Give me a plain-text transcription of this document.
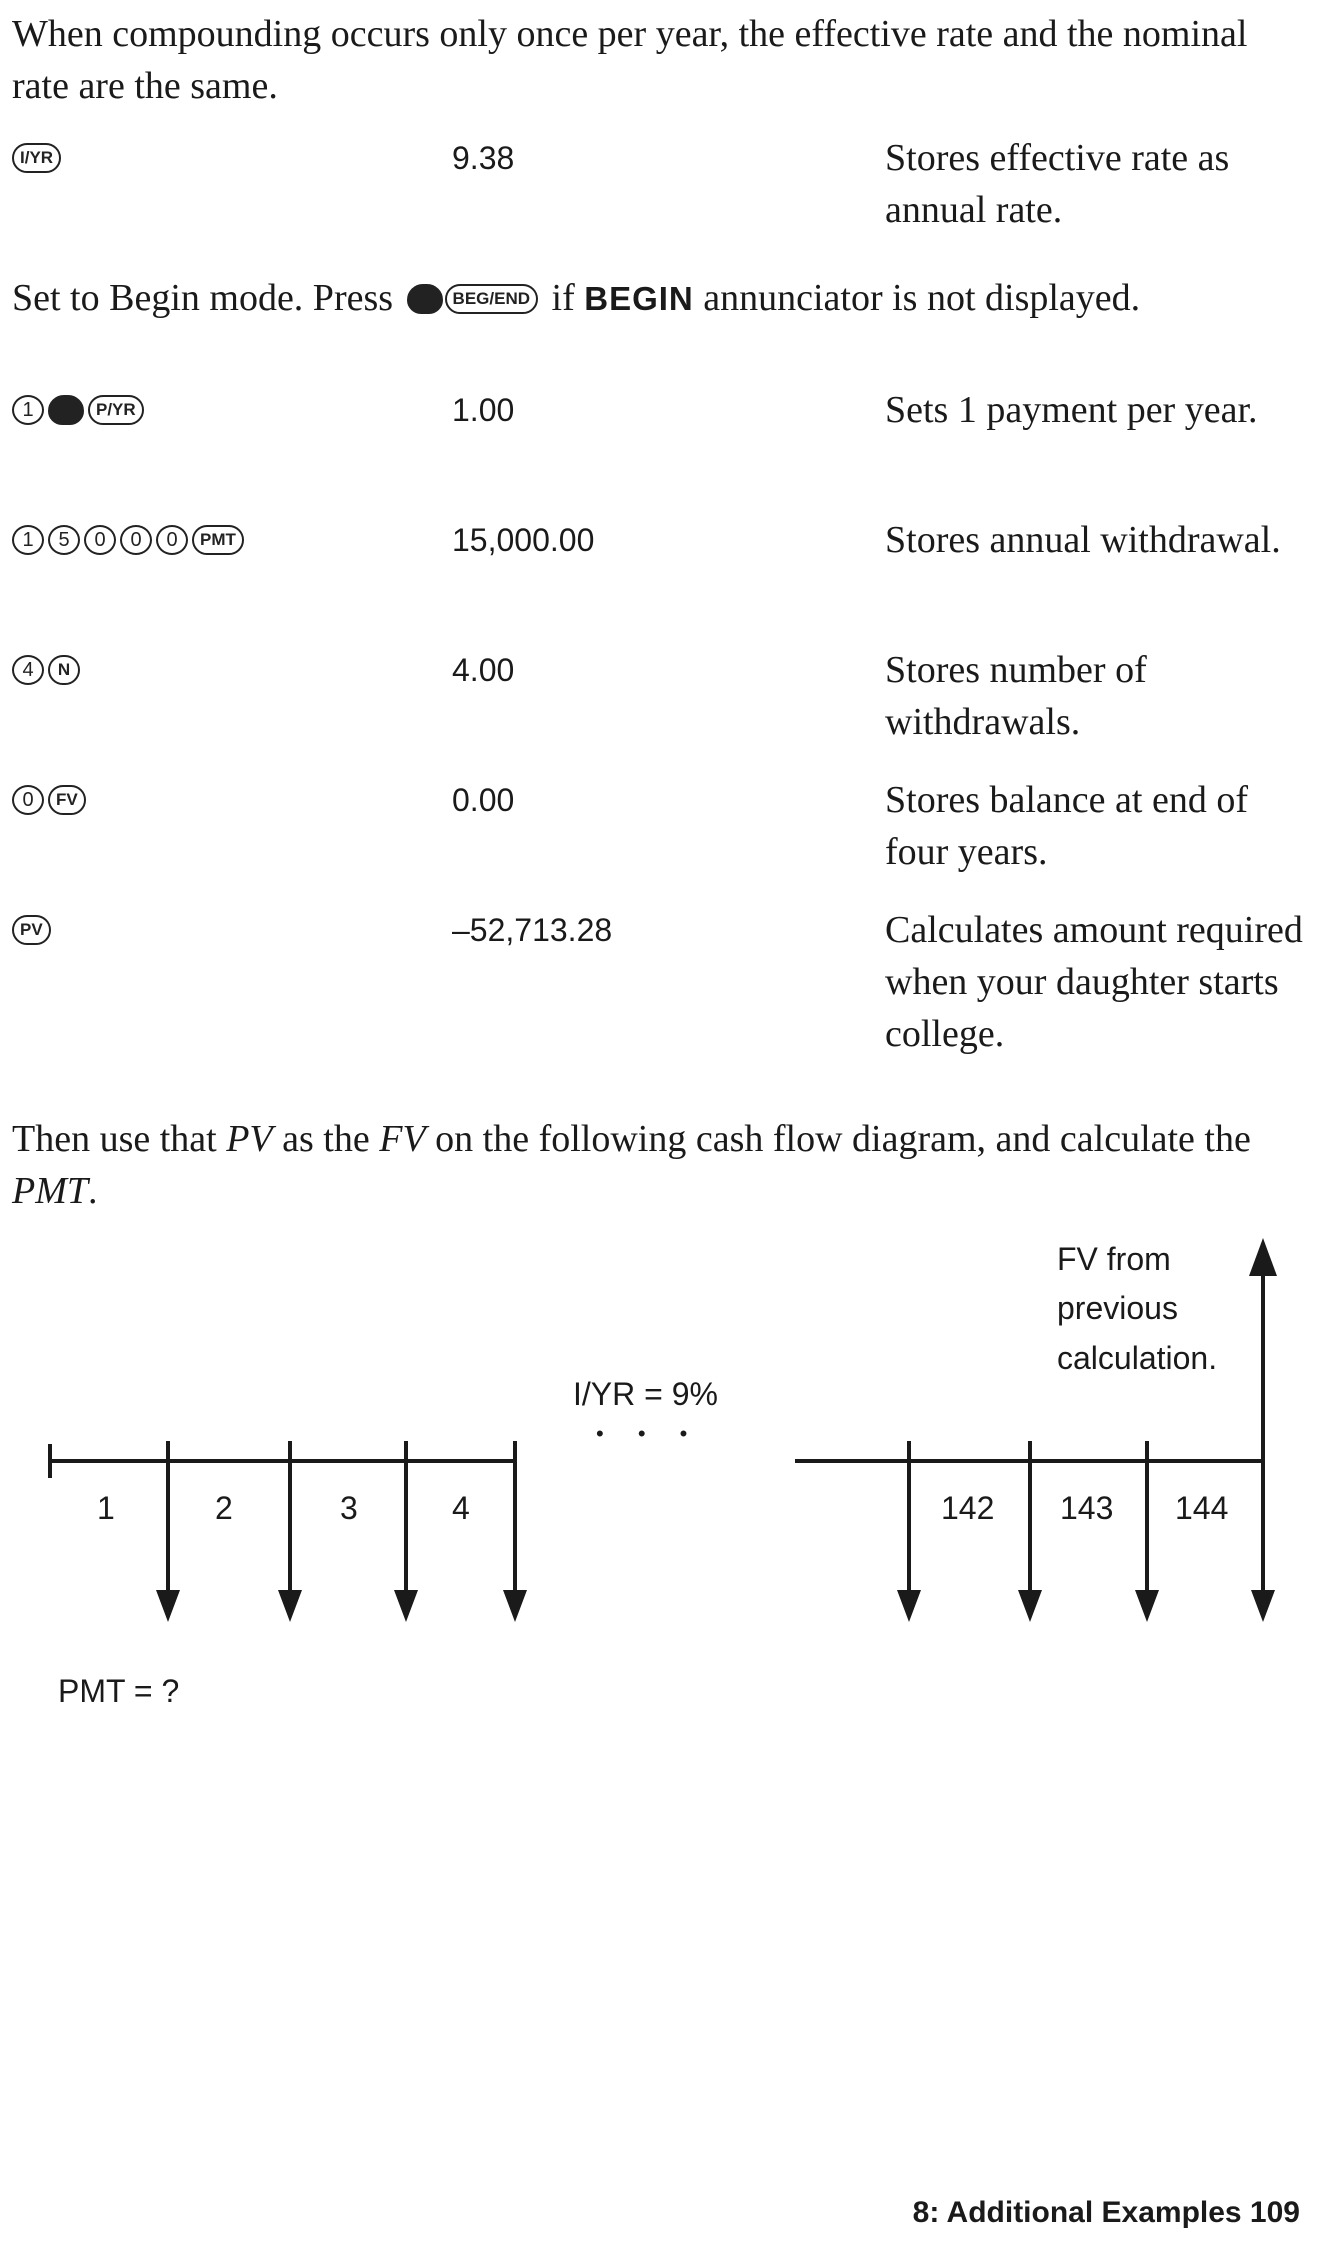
When compounding occurs only once per year, the effective rate and the nominal rate are the same.
I/YR	9.38	Stores effective rate as annual rate.
Set to Begin mode. Press	BEG/END if BEGIN annunciator is not displayed.
1	P/YR	1.00	Sets 1 payment per year.
1	5	0	0	0	PMT	15,000.00	Stores annual withdrawal.
4	N	4.00	Stores number of withdrawals.
0	FV	0.00	Stores balance at end of four years.
PV	–52,713.28	Calculates amount required when your daughter starts college.
Then use that PV as the FV on the following cash flow diagram, and calculate the PMT.
I/YR = 9%
FV from
previous
calculation.
1	2	3	4
• • •
142 143 144
PMT = ?
8: Additional Examples 109
